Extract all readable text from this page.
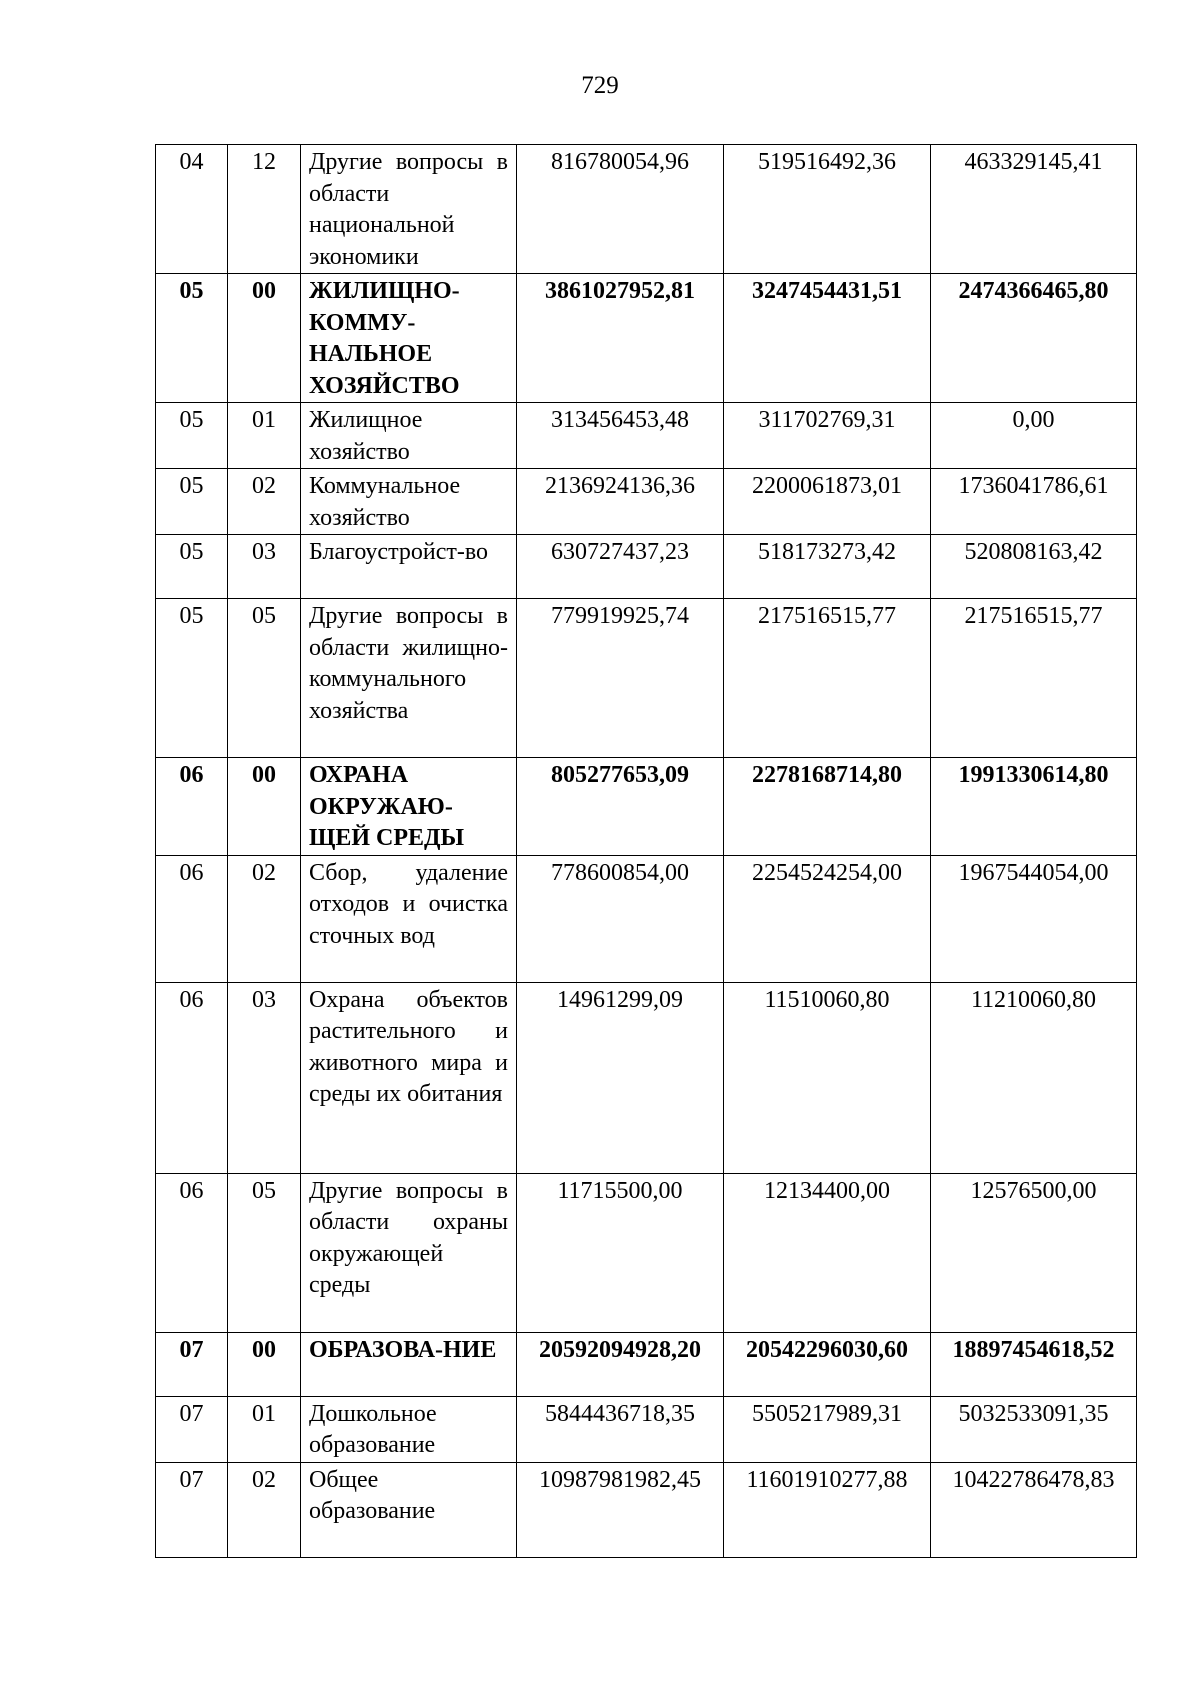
729
04	12	Другие вопросы в области национальной экономики	816780054,96	519516492,36	463329145,41
05	00	ЖИЛИЩНО-КОММУ-НАЛЬНОЕ ХОЗЯЙСТВО	3861027952,81	3247454431,51	2474366465,80
05	01	Жилищное хозяйство	313456453,48	311702769,31	0,00
05	02	Коммунальное хозяйство	2136924136,36	2200061873,01	1736041786,61
05	03	Благоустройст-во	630727437,23	518173273,42	520808163,42
05	05	Другие вопросы в области жилищно-коммунального хозяйства	779919925,74	217516515,77	217516515,77
06	00	ОХРАНА ОКРУЖАЮ-ЩЕЙ СРЕДЫ	805277653,09	2278168714,80	1991330614,80
06	02	Сбор, удаление отходов и очистка сточных вод	778600854,00	2254524254,00	1967544054,00
06	03	Охрана объектов растительного и животного мира и среды их обитания	14961299,09	11510060,80	11210060,80
06	05	Другие вопросы в области охраны окружающей среды	11715500,00	12134400,00	12576500,00
07	00	ОБРАЗОВА-НИЕ	20592094928,20	20542296030,60	18897454618,52
07	01	Дошкольное образование	5844436718,35	5505217989,31	5032533091,35
07	02	Общее образование	10987981982,45	11601910277,88	10422786478,83
